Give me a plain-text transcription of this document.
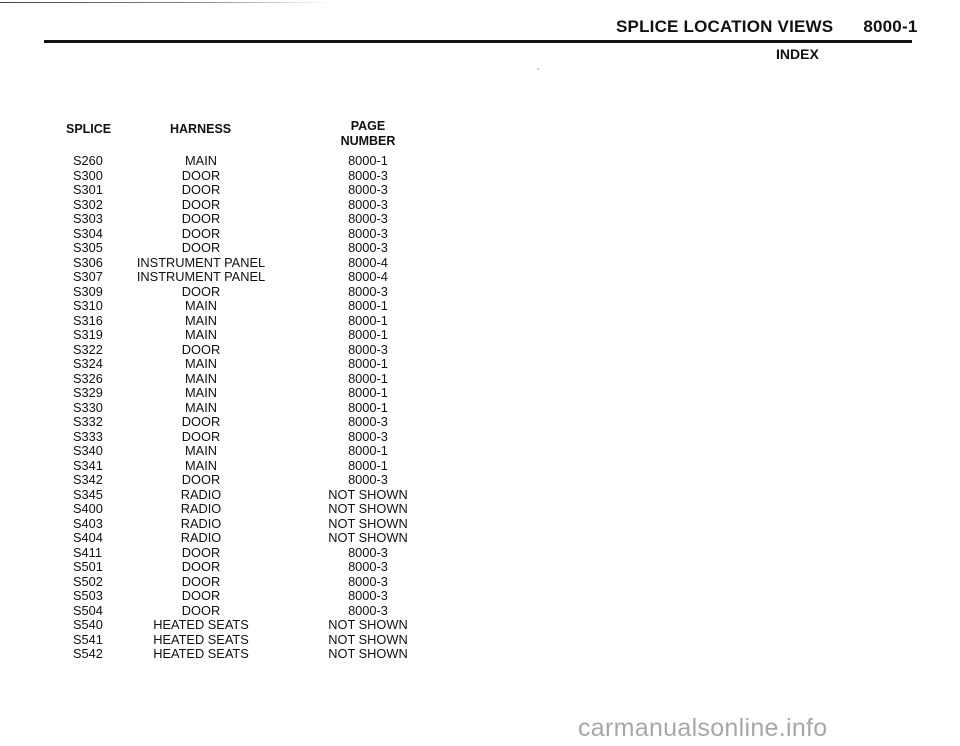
SPLICE LOCATION VIEWS 8000-1
INDEX
SPLICE	HARNESS	PAGE
NUMBER
S260	MAIN	8000-1
S300	DOOR	8000-3
S301	DOOR	8000-3
S302	DOOR	8000-3
S303	DOOR	8000-3
S304	DOOR	8000-3
S305	DOOR	8000-3
S306	INSTRUMENT PANEL	8000-4
S307	INSTRUMENT PANEL	8000-4
S309	DOOR	8000-3
S310	MAIN	8000-1
S316	MAIN	8000-1
S319	MAIN	8000-1
S322	DOOR	8000-3
S324	MAIN	8000-1
S326	MAIN	8000-1
S329	MAIN	8000-1
S330	MAIN	8000-1
S332	DOOR	8000-3
S333	DOOR	8000-3
S340	MAIN	8000-1
S341	MAIN	8000-1
S342	DOOR	8000-3
S345	RADIO	NOT SHOWN
S400	RADIO	NOT SHOWN
S403	RADIO	NOT SHOWN
S404	RADIO	NOT SHOWN
S411	DOOR	8000-3
S501	DOOR	8000-3
S502	DOOR	8000-3
S503	DOOR	8000-3
S504	DOOR	8000-3
S540	HEATED SEATS	NOT SHOWN
S541	HEATED SEATS	NOT SHOWN
S542	HEATED SEATS	NOT SHOWN
carmanualsonline.info
